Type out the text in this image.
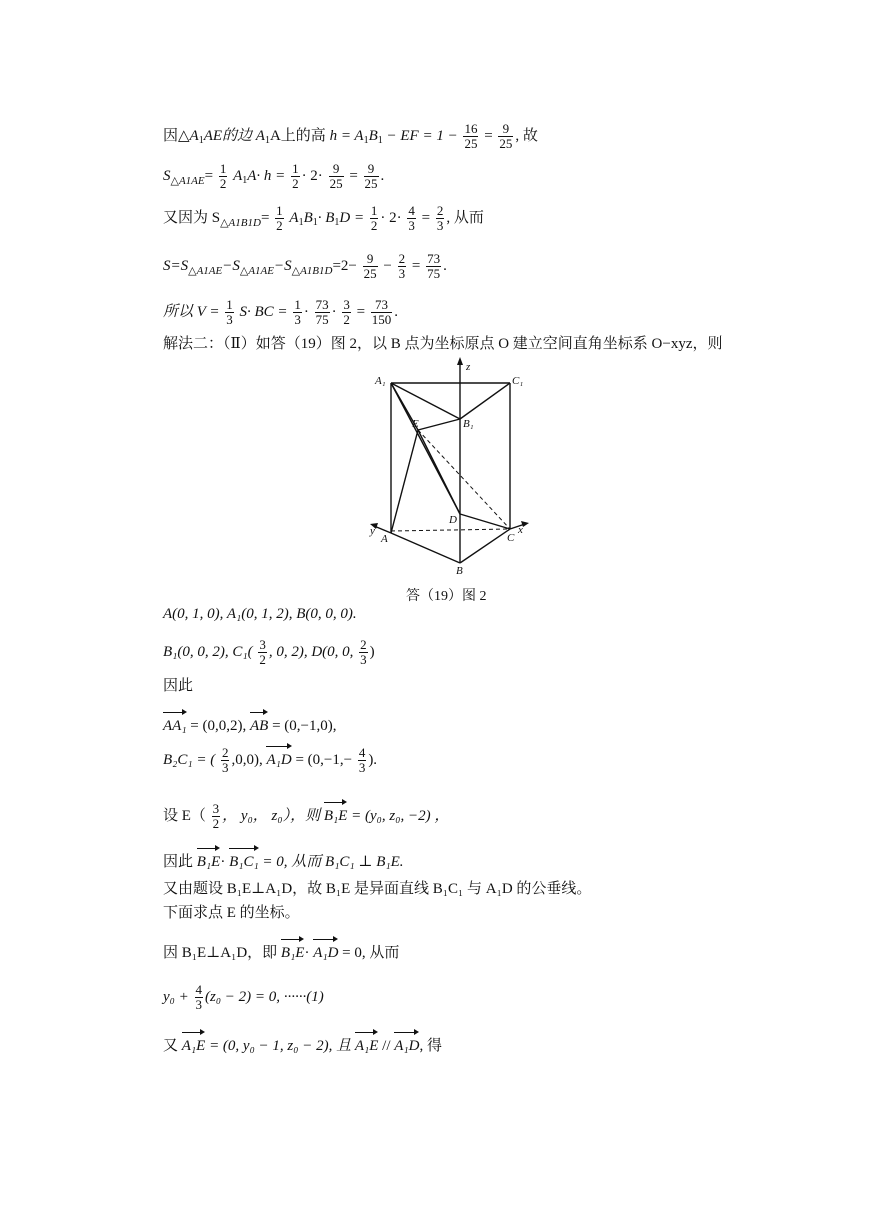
因$\triangle A_1AE$的边 $A_1A$上的高 $h = A_1B_1$ − EF = $1 - \frac{16}{25} = \frac{9}{25}$ , 故
$S_{\triangle A1AE}= \frac{1}{2} A_1A\cdot h = \frac{1}{2} \cdot 2\cdot \frac{9}{25} = \frac{9}{25}$ .
又因为 $S_{\triangle A1B1D}= \frac{1}{2} A_1B_1\cdot B_1D = \frac{1}{2} \cdot 2\cdot \frac{4}{3} = \frac{2}{3}$ , 从而
$S=S_{\triangle A1AE}-S_{\triangle A1AE}-S_{\triangle A1B1D}=2- \frac{9}{25} - \frac{2}{3} = \frac{73}{75}$ .
所以 $V = \frac{1}{3} S\cdot$ BC = $\frac{1}{3} \cdot \frac{73}{75} \cdot \frac{3}{2} = \frac{73}{150}$ .
解法二：（Ⅱ）如答（19）图 2，以 B 点为坐标原点 O 建立空间直角坐标系 O−xyz，则
A₁	C₁
B₁
E
D
A
B
C
x
y
z
答（19）图 2
A(0, 1, 0), A₁(0, 1, 2), B(0, 0, 0).
B₁(0, 0, 2), $C_1( \frac{3}{2}$ , 0, 2), D(0, 0, $\frac{2}{3}$ )
因此
AA₁ = (0,0,2), AB = (0,−1,0),
B₂C₁ = ( $\frac{2}{3} ,0,0$), $A_1D = (0,-1,- \frac{4}{3}$ ).
设 $E( \frac{3}{2}$ ， y₀， z₀），则 B₁E = (y₀, z₀, −2) ，
因此 B₁E· B₁C₁ = 0, 从而 B₁C₁ ⊥ B₁E.
又由题设 B₁E⊥A₁D，故 B₁E 是异面直线 B₁C₁ 与 A₁D 的公垂线。
下面求点 E 的坐标。
因 B₁E⊥A₁D，即 B₁E· A₁D = 0, 从而
$y_0 + \frac{4}{3} (z_0 - 2) = 0$, ······(1)
又 A₁E = (0, y₀ − 1, z₀ − 2), 且 A₁E // A₁D, 得
